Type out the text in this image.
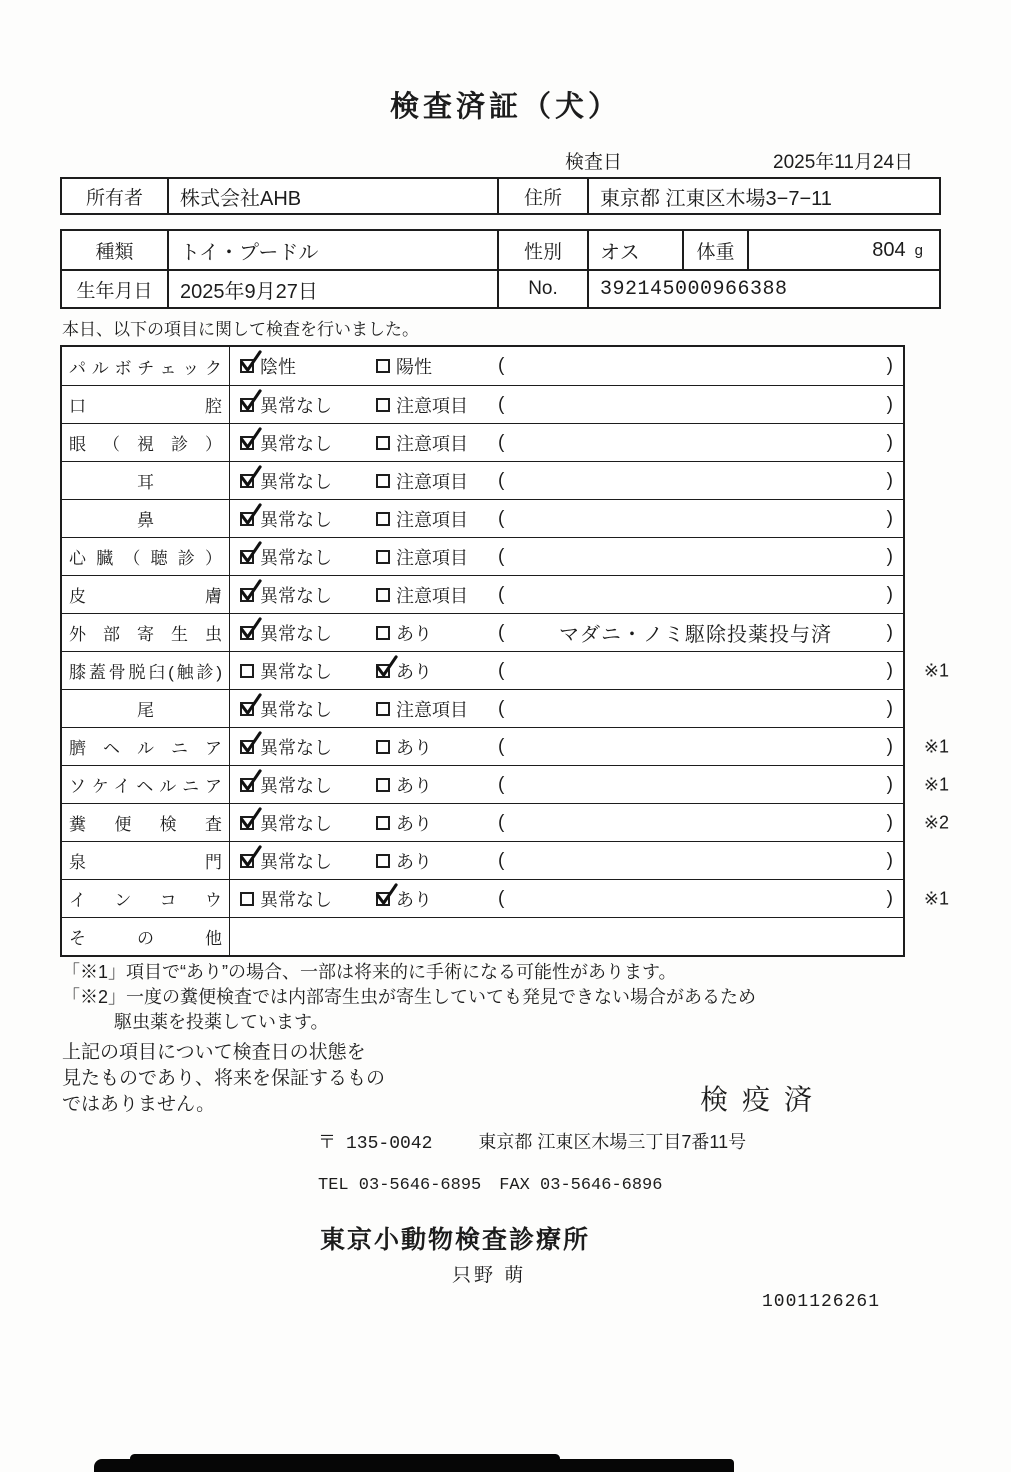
検査済証（犬）
検査日	2025年11月24日
所有者	株式会社AHB	住所	東京都 江東区木場3−7−11
種類	トイ・プードル	性別	オス	体重	804 g
生年月日	2025年9月27日	No.	392145000966388
本日、以下の項目に関して検査を行いました。
パルボチェック 陰性	陽性	(	)
口腔 異常なし	注意項目 (	)
眼（視診） 異常なし	注意項目 (	)
耳	異常なし	注意項目 (	)
鼻	異常なし	注意項目 (	)
心臓（聴診） 異常なし	注意項目 (	)
皮膚 異常なし	注意項目 (	)
外部寄生虫 異常なし	あり	(	マダニ・ノミ駆除投薬投与済	)
膝蓋骨脱臼(触診) 異常なし	あり	(	) ※1
尾	異常なし	注意項目 (	)
臍ヘルニア 異常なし	あり	(	) ※1
ソケイヘルニア 異常なし	あり	(	) ※1
糞便検査 異常なし	あり	(	) ※2
泉門 異常なし	あり	(	)
インコウ 異常なし	あり	(	) ※1
その他
「※1」項目で“あり”の場合、一部は将来的に手術になる可能性があります。
「※2」一度の糞便検査では内部寄生虫が寄生していても発見できない場合があるため
駆虫薬を投薬しています。
上記の項目について検査日の状態を
見たものであり、将来を保証するもの
ではありません。	検疫済
〒 135-0042	東京都 江東区木場三丁目7番11号
TEL 03-5646-6895 FAX 03-5646-6896
東京小動物検査診療所
只野 萌
1001126261
